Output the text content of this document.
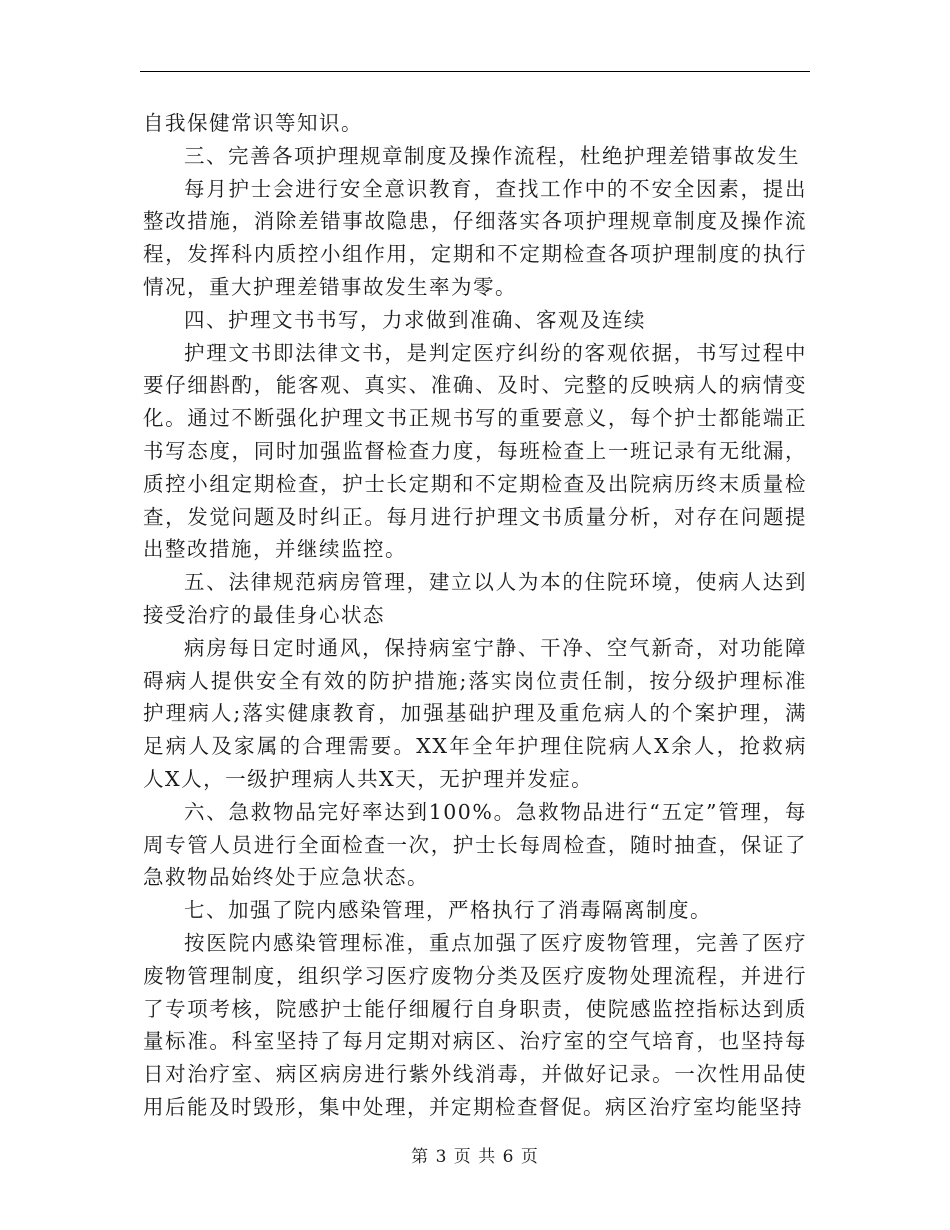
自我保健常识等知识。

三、完善各项护理规章制度及操作流程，杜绝护理差错事故发生

每月护士会进行安全意识教育，查找工作中的不安全因素，提出整改措施，消除差错事故隐患，仔细落实各项护理规章制度及操作流程，发挥科内质控小组作用，定期和不定期检查各项护理制度的执行情况，重大护理差错事故发生率为零。

四、护理文书书写，力求做到准确、客观及连续

护理文书即法律文书，是判定医疗纠纷的客观依据，书写过程中要仔细斟酌，能客观、真实、准确、及时、完整的反映病人的病情变化。通过不断强化护理文书正规书写的重要意义，每个护士都能端正书写态度，同时加强监督检查力度，每班检查上一班记录有无纰漏，质控小组定期检查，护士长定期和不定期检查及出院病历终末质量检查，发觉问题及时纠正。每月进行护理文书质量分析，对存在问题提出整改措施，并继续监控。

五、法律规范病房管理，建立以人为本的住院环境，使病人达到接受治疗的最佳身心状态

病房每日定时通风，保持病室宁静、干净、空气新奇，对功能障碍病人提供安全有效的防护措施;落实岗位责任制，按分级护理标准护理病人;落实健康教育，加强基础护理及重危病人的个案护理，满足病人及家属的合理需要。XX年全年护理住院病人X余人，抢救病人X人，一级护理病人共X天，无护理并发症。

六、急救物品完好率达到100%。急救物品进行“五定”管理，每周专管人员进行全面检查一次，护士长每周检查，随时抽查，保证了急救物品始终处于应急状态。

七、加强了院内感染管理，严格执行了消毒隔离制度。

按医院内感染管理标准，重点加强了医疗废物管理，完善了医疗废物管理制度，组织学习医疗废物分类及医疗废物处理流程，并进行了专项考核，院感护士能仔细履行自身职责，使院感监控指标达到质量标准。科室坚持了每月定期对病区、治疗室的空气培育，也坚持每日对治疗室、病区病房进行紫外线消毒，并做好记录。一次性用品使用后能及时毁形，集中处理，并定期检查督促。病区治疗室均能坚持

第 3 页 共 6 页
